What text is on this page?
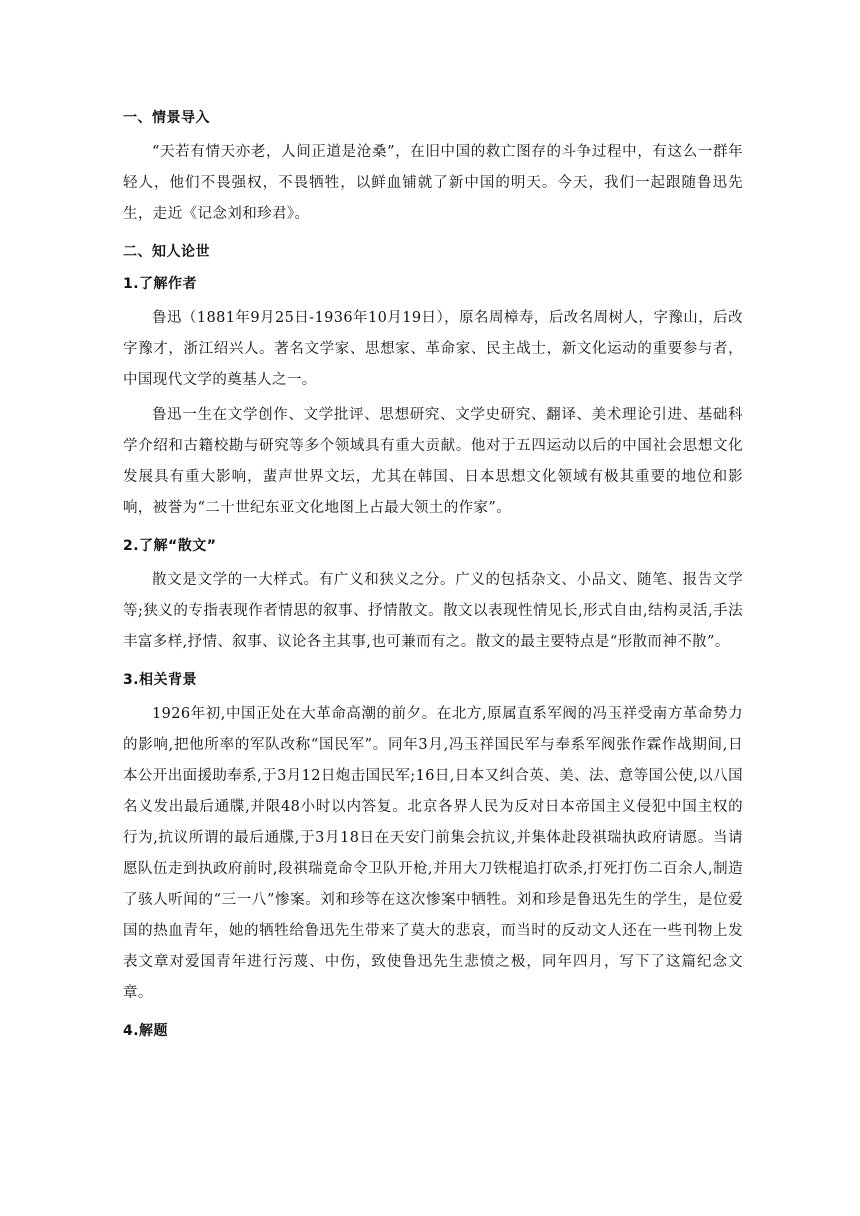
一、情景导入

“天若有情天亦老，人间正道是沧桑”，在旧中国的救亡图存的斗争过程中，有这么一群年轻人，他们不畏强权，不畏牺牲，以鲜血铺就了新中国的明天。今天，我们一起跟随鲁迅先生，走近《记念刘和珍君》。

二、知人论世
1.了解作者

鲁迅（1881年9月25日-1936年10月19日），原名周樟寿，后改名周树人，字豫山，后改字豫才，浙江绍兴人。著名文学家、思想家、革命家、民主战士，新文化运动的重要参与者，中国现代文学的奠基人之一。

鲁迅一生在文学创作、文学批评、思想研究、文学史研究、翻译、美术理论引进、基础科学介绍和古籍校勘与研究等多个领域具有重大贡献。他对于五四运动以后的中国社会思想文化发展具有重大影响，蜚声世界文坛，尤其在韩国、日本思想文化领域有极其重要的地位和影响，被誉为“二十世纪东亚文化地图上占最大领土的作家”。

2.了解“散文”

散文是文学的一大样式。有广义和狭义之分。广义的包括杂文、小品文、随笔、报告文学等;狭义的专指表现作者情思的叙事、抒情散文。散文以表现性情见长,形式自由,结构灵活,手法丰富多样,抒情、叙事、议论各主其事,也可兼而有之。散文的最主要特点是“形散而神不散”。

3.相关背景

1926年初,中国正处在大革命高潮的前夕。在北方,原属直系军阀的冯玉祥受南方革命势力的影响,把他所率的军队改称“国民军”。同年3月,冯玉祥国民军与奉系军阀张作霖作战期间,日本公开出面援助奉系,于3月12日炮击国民军;16日,日本又纠合英、美、法、意等国公使,以八国名义发出最后通牒,并限48小时以内答复。北京各界人民为反对日本帝国主义侵犯中国主权的行为,抗议所谓的最后通牒,于3月18日在天安门前集会抗议,并集体赴段祺瑞执政府请愿。当请愿队伍走到执政府前时,段祺瑞竟命令卫队开枪,并用大刀铁棍追打砍杀,打死打伤二百余人,制造了骇人听闻的“三一八”惨案。刘和珍等在这次惨案中牺牲。刘和珍是鲁迅先生的学生，是位爱国的热血青年，她的牺牲给鲁迅先生带来了莫大的悲哀，而当时的反动文人还在一些刊物上发表文章对爱国青年进行污蔑、中伤，致使鲁迅先生悲愤之极，同年四月，写下了这篇纪念文章。

4.解题
